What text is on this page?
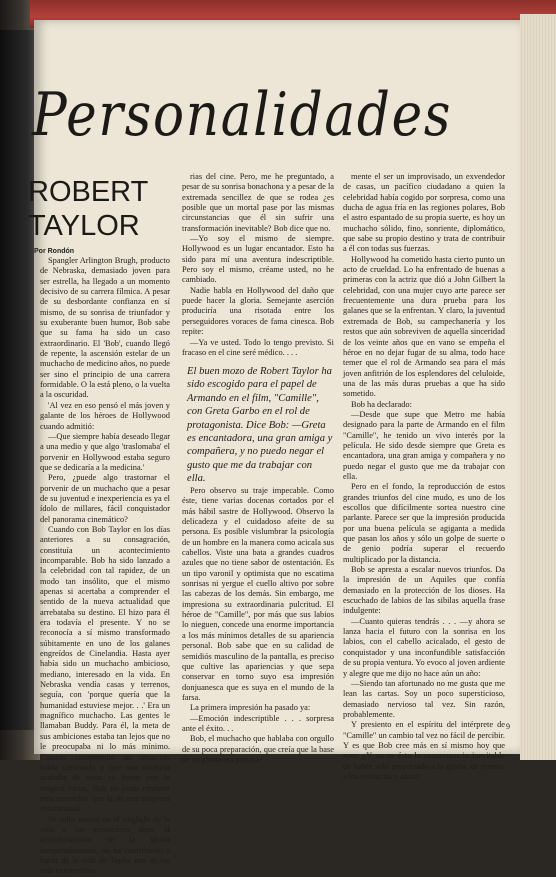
Personalidades
ROBERT
TAYLOR
Por Rondón

Spangler Arlington Brugh, producto de Nebraska, demasiado joven para ser estrella, ha llegado a un momento decisivo de su carrera fílmica. A pesar de su desbordante confianza en sí mismo, de su sonrisa de triunfador y su exuberante buen humor, Bob sabe que su fama ha sido un caso extraordinario. El 'Bob', cuando llegó de repente, la ascensión estelar de un muchacho de medicino años, no puede ser sino el principio de una carrera formidable. O la está pleno, o la vuelta a la oscuridad.

'Al vez en eso pensó el más joven y galante de los héroes de Hollywood cuando admitió:

—Que siempre había deseado llegar a una medio y que algo 'traslomaba' el porvenir en Hollywood estaba seguro que se dedicaría a la medicina.'

Pero, ¿puede algo trastornar el porvenir de un muchacho que a pesar de su juventud e inexperiencia es ya el ídolo de millares, fácil conquistador del panorama cinemático?

Cuando con Bob Taylor en los días anteriores a su consagración, constituía un acontecimiento incomparable. Bob ha sido lanzado a la celebridad con tal rapidez, de un modo tan insólito, que el mismo apenas si acertaba a comprender el sentido de la nueva actualidad que arrebataba su destino. El hizo para él era todavía el presente. Y no se reconocía a sí mismo transformado súbitamente en uno de los galanes engreídos de Cinelandia. Hasta ayer había sido un muchacho ambicioso, mediano, interesado en la vida. En Nebraska vendía casas y terrenos, seguía, con 'porque quería que la humanidad estuviese mejor. . .' Era un magnífico muchacho. Las gentes le llamaban Buddy. Para él, la meta de sus ambiciones estaba tan lejos que no le preocupaba ni lo más mínimo. Cuando comprendió su situación había cambiado y que una madrina acababa de tocar su frente con la mágica varita, Bob no pudo reprimir otra sensación que la de una sorpresa descomunal.

Se salto mortal en el tinglado de la vida a los veinticinco años, al descubrimiento de la gloria inesperadamente, no ha contribuido a hacer de la vida de Taylor una de las más extraordina-

rias del cine. Pero, me he preguntado, a pesar de su sonrisa bonachona y a pesar de la extremada sencillez de que se rodea ¿es posible que un mortal pase por las mismas circunstancias que él sin sufrir una transformación inevitable? Bob dice que no.

—Yo soy el mismo de siempre. Hollywood es un lugar encantador. Esto ha sido para mí una aventura indescriptible. Pero soy el mismo, créame usted, no he cambiado.

Nadie habla en Hollywood del daño que puede hacer la gloria. Semejante aserción produciría una risotada entre los perseguidores voraces de fama cinesca. Bob repite:

—Ya ve usted. Todo lo tengo previsto. Si fracaso en el cine seré médico. . . .

El buen mozo de Robert Taylor ha sido escogido para el papel de Armando en el film, "Camille", con Greta Garbo en el rol de protagonista. Dice Bob: —Greta es encantadora, una gran amiga y compañera, y no puedo negar el gusto que me da trabajar con ella.

Pero observo su traje impecable. Como éste, tiene varias docenas cortados por el más hábil sastre de Hollywood. Observo la delicadeza y el cuidadoso afeite de su persona. Es posible vislumbrar la psicología de un hombre en la manera como acicala sus cabellos. Viste una bata a grandes cuadros azules que no tiene sabor de ostentación. Es un tipo varonil y optimista que no escatima sonrisas ni yergue el cuello altivo por sobre las cabezas de los demás. Sin embargo, me impresiona su extraordinaria pulcritud. El héroe de "Camille", por más que sus labios lo nieguen, concede una enorme importancia a los más mínimos detalles de su apariencia personal. Bob sabe que en su calidad de semidiós masculino de la pantalla, es preciso que cultive las apariencias y que sepa conservar en torno suyo esa impresión donjuanesca que es suya en el mundo de la farsa.

La primera impresión ha pasado ya:

—Emoción indescriptible . . . sorpresa ante el éxito. . .

Bob, el muchacho que hablaba con orgullo de su poca preparación, que creía que la base de su gloria era precisa-

mente el ser un improvisado, un exvendedor de casas, un pacífico ciudadano a quien la celebridad había cogido por sorpresa, como una ducha de agua fría en las regiones polares, Bob el astro espantado de su propia suerte, es hoy un muchacho sólido, fino, sonriente, diplomático, que sabe su propio destino y trata de contribuir a él con todas sus fuerzas.

Hollywood ha cometido hasta cierto punto un acto de crueldad. Lo ha enfrentado de buenas a primeras con la actriz que dió a John Gilbert la celebridad, con una mujer cuyo arte parece ser frecuentemente una dura prueba para los galanes que se la enfrentan. Y claro, la juventud extremada de Bob, su campechanería y los restos que aún sobreviven de aquella sinceridad de los veinte años que en vano se empeña el héroe en no dejar fugar de su alma, todo hace temer que el rol de Armando sea para el más joven anfitrión de los esplendores del celuloide, una de las más duras pruebas a que ha sido sometido.

Bob ha declarado:

—Desde que supe que Metro me había designado para la parte de Armando en el film "Camille", he tenido un vivo interés por la película. He sido desde siempre que Greta es encantadora, una gran amiga y compañera y no puedo negar el gusto que me da trabajar con ella.

Pero en el fondo, la reproducción de estos grandes triunfos del cine mudo, es uno de los escollos que difícilmente sortea nuestro cine parlante. Parece ser que la impresión producida por una buena película se agiganta a medida que pasan los años y sólo un golpe de suerte o de genio podría superar el recuerdo multiplicado por la distancia.

Bob se apresta a escalar nuevos triunfos. Da la impresión de un Aquiles que confía demasiado en la protección de los dioses. Ha escuchado de labios de las sibilas aquella frase indulgente:

—Cuanto quieras tendrás . . . —y ahora se lanza hacia el futuro con la sonrisa en los labios, con el cabello acicalado, el gesto de conquistador y una inconfundible satisfacción de su propia ventura. Yo evoco al joven ardiente y alegre que me dijo no hace aún un año:

—Siendo tan afortunado no me gusta que me lean las cartas. Soy un poco supersticioso, demasiado nervioso tal vez. Sin razón, probablemente.

Y presiento en el espíritu del intérprete de "Camille" un cambio tal vez no fácil de percibir. Y es que Bob cree más en sí mismo hoy que ayer. ¿Y no es ésta la consecuencia inevitable de haber sido proyectado a la gloria, de pronto, a los veinticinco años?

9
